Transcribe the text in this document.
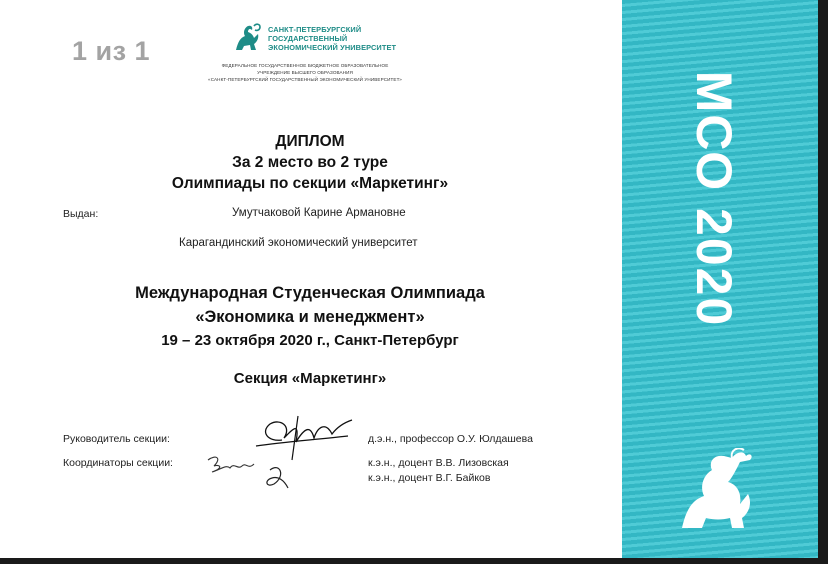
1 из 1
САНКТ-ПЕТЕРБУРГСКИЙ
ГОСУДАРСТВЕННЫЙ
ЭКОНОМИЧЕСКИЙ УНИВЕРСИТЕТ
ФЕДЕРАЛЬНОЕ ГОСУДАРСТВЕННОЕ БЮДЖЕТНОЕ ОБРАЗОВАТЕЛЬНОЕ
УЧРЕЖДЕНИЕ ВЫСШЕГО ОБРАЗОВАНИЯ
«САНКТ-ПЕТЕРБУРГСКИЙ ГОСУДАРСТВЕННЫЙ ЭКОНОМИЧЕСКИЙ УНИВЕРСИТЕТ»
ДИПЛОМ
За 2 место во 2 туре
Олимпиады по секции «Маркетинг»
Выдан:	Умутчаковой Карине Армановне
Карагандинский экономический университет
Международная Студенческая Олимпиада
«Экономика и менеджмент»
19 – 23 октября 2020 г., Санкт-Петербург
Секция «Маркетинг»
Руководитель секции:
Координаторы секции:
д.э.н., профессор О.У. Юлдашева
к.э.н., доцент В.В. Лизовская
к.э.н., доцент В.Г. Байков
МСО 2020
